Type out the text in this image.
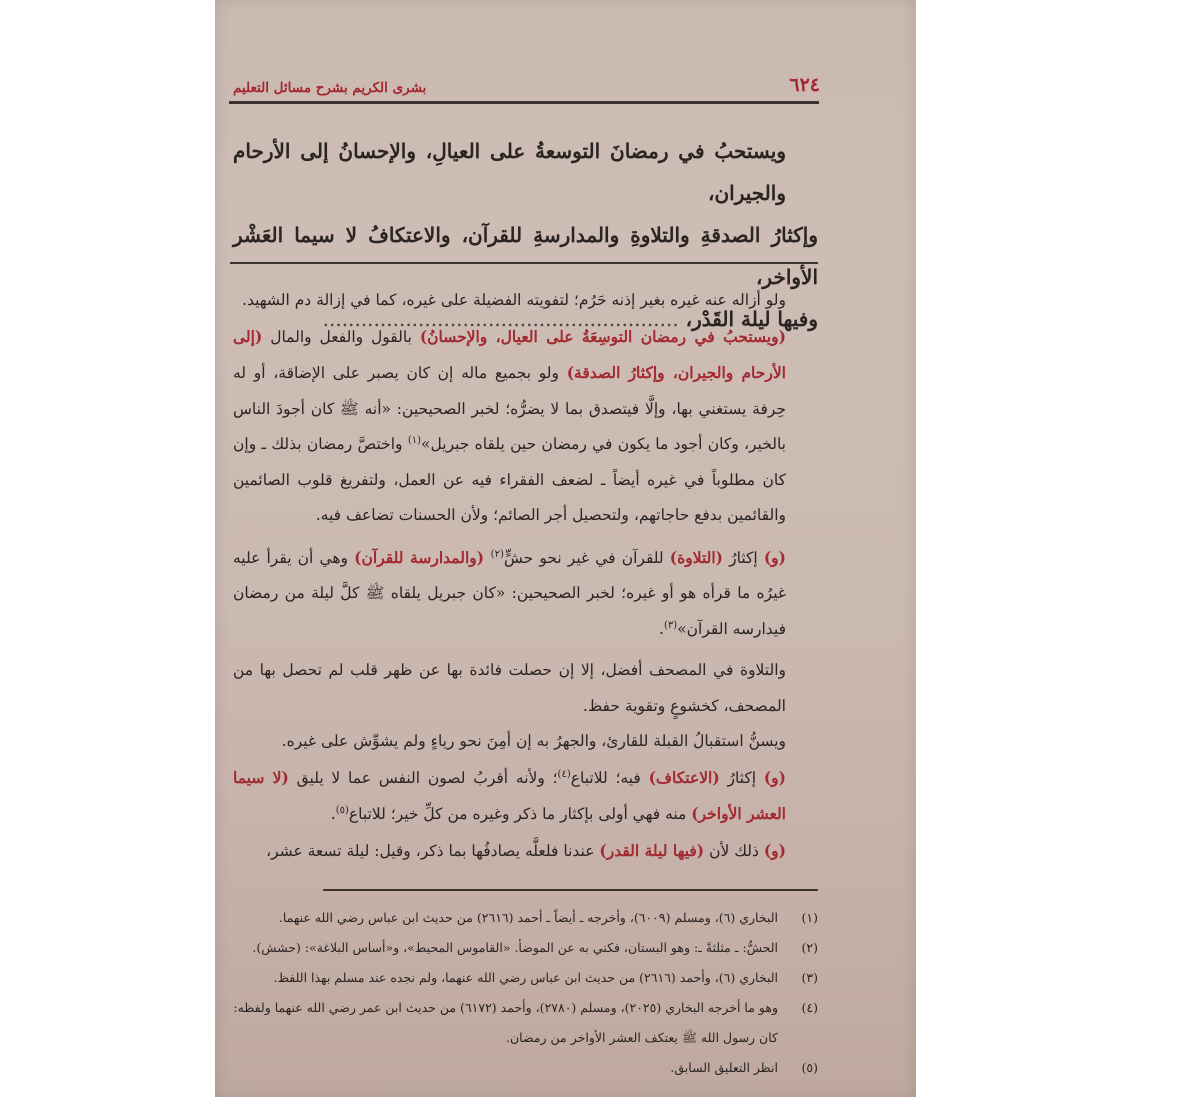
٦٢٤
بشرى الكريم بشرح مسائل التعليم

ويستحبُ في رمضانَ التوسعةُ على العيالِ، والإحسانُ إلى الأرحام والجيران،

وإكثارُ الصدقةِ والتلاوةِ والمدارسةِ للقرآن، والاعتكافُ لا سيما العَشْر الأواخر،

وفيها ليلة القَدْر، ........................................................

ولو أزاله عنه غيره بغير إذنه حَرُم؛ لتفويته الفضيلة على غيره، كما في إزالة دم الشهيد.

(ويستحبُ في رمضان التوسِعَةُ على العيال، والإحسانُ) بالقول والفعل والمال (إلى الأرحام والجيران، وإكثارُ الصدقة) ولو بجميع ماله إن كان يصبر على الإضاقة، أو له حِرفة يستغني بها، وإلَّا فيتصدق بما لا يضرُّه؛ لخبر الصحيحين: «أنه ﷺ كان أجودَ الناس بالخير، وكان أجود ما يكون في رمضان حين يلقاه جبريل»$^{(١)}$ واختصَّ رمضان بذلك ـ وإن كان مطلوباً في غيره أيضاً ـ لضعف الفقراء فيه عن العمل، ولتفريغ قلوب الصائمين والقائمين بدفع حاجاتهم، ولتحصيل أجر الصائم؛ ولأن الحسنات تضاعف فيه.

(و) إكثارُ (التلاوة) للقرآن في غير نحو حشٍّ$^{(٢)}$ (والمدارسة للقرآن) وهي أن يقرأ عليه غيرُه ما قرأه هو أو غيره؛ لخبر الصحيحين: «كان جبريل يلقاه ﷺ كلَّ ليلة من رمضان فيدارسه القرآن»$^{(٣)}$.

والتلاوة في المصحف أفضل، إلا إن حصلت فائدة بها عن ظهر قلب لم تحصل بها من المصحف، كخشوعٍ وتقوية حفظ.

ويسنُّ استقبالُ القبلة للقارئ، والجهرُ به إن أمِنَ نحو رياءٍ ولم يشوِّش على غيره.

(و) إكثارُ (الاعتكاف) فيه؛ للاتباع$^{(٤)}$؛ ولأنه أقربُ لصون النفس عما لا يليق (لا سيما العشر الأواخر) منه فهي أولى بإكثار ما ذكر وغيره من كلِّ خير؛ للاتباع$^{(٥)}$.

(و) ذلك لأن (فيها ليلة القدر) عندنا فلعلَّه يصادفُها بما ذكر، وقيل: ليلة تسعة عشر،

(١)البخاري (٦)، ومسلم (٦٠٠٩)، وأخرجه ـ أيضاً ـ أحمد (٢٦١٦) من حديث ابن عباس رضي الله عنهما.

(٢)الحشُّ: ـ مثلثةً ـ: وهو البستان، فكني به عن الموضأ. «القاموس المحيط»، و«أساس البلاغة»: (حشش).

(٣)البخاري (٦)، وأحمد (٢٦١٦) من حديث ابن عباس رضي الله عنهما، ولم نجده عند مسلم بهذا اللفظ.

(٤)وهو ما أخرجه البخاري (٢٠٢٥)، ومسلم (٢٧٨٠)، وأحمد (٦١٧٢) من حديث ابن عمر رضي الله عنهما ولفظه:

كان رسول الله ﷺ يعتكف العشر الأواخر من رمضان.

(٥)انظر التعليق السابق.
